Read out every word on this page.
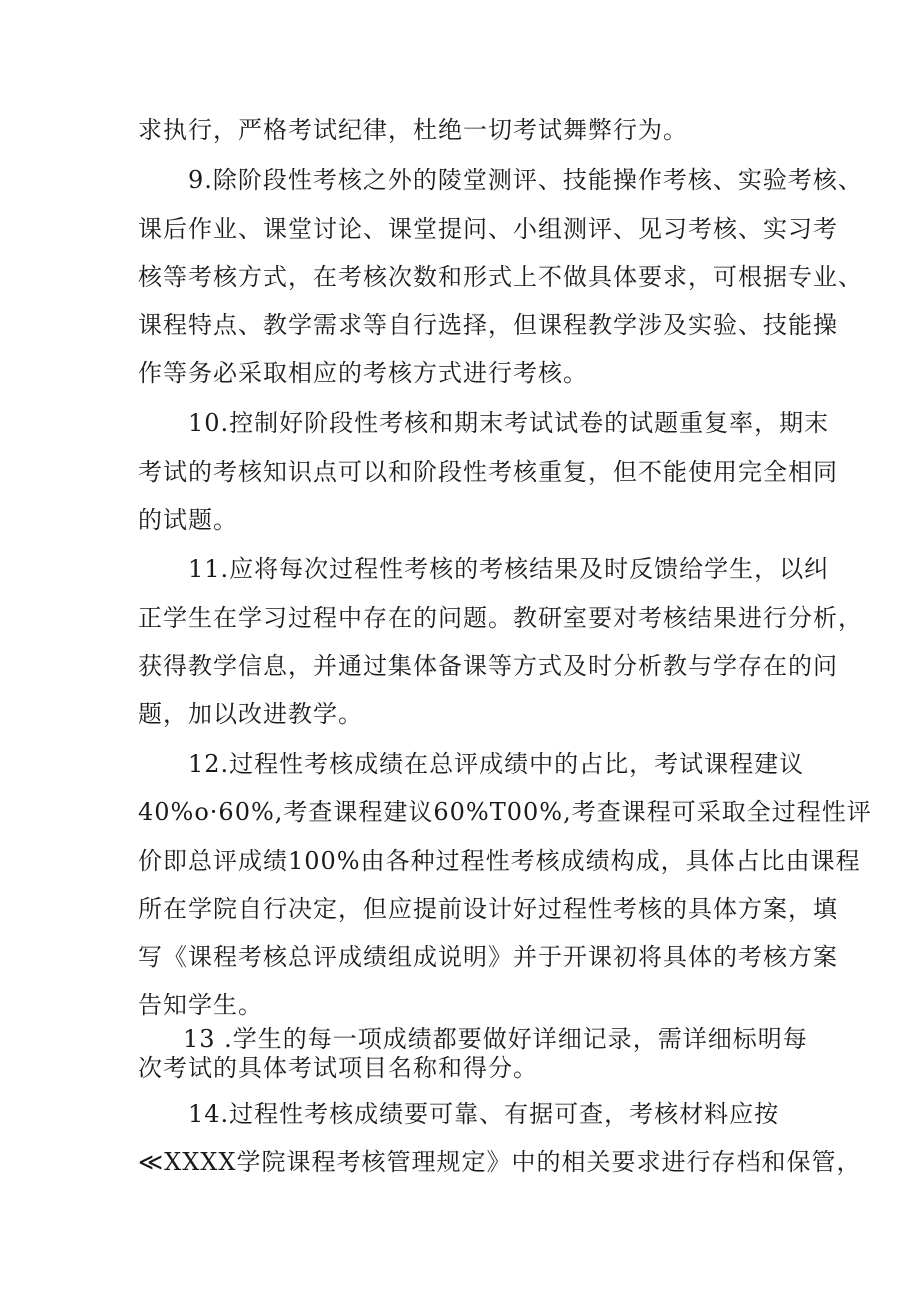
求执行，严格考试纪律，杜绝一切考试舞弊行为。
9.除阶段性考核之外的陵堂测评、技能操作考核、实验考核、
课后作业、课堂讨论、课堂提问、小组测评、见习考核、实习考
核等考核方式，在考核次数和形式上不做具体要求，可根据专业、
课程特点、教学需求等自行选择，但课程教学涉及实验、技能操
作等务必采取相应的考核方式进行考核。
10.控制好阶段性考核和期末考试试卷的试题重复率，期末
考试的考核知识点可以和阶段性考核重复，但不能使用完全相同
的试题。
11.应将每次过程性考核的考核结果及时反馈给学生，以纠
正学生在学习过程中存在的问题。教研室要对考核结果进行分析，
获得教学信息，并通过集体备课等方式及时分析教与学存在的问
题，加以改进教学。
12.过程性考核成绩在总评成绩中的占比，考试课程建议
40%o·60%,考查课程建议60%T00%,考查课程可采取全过程性评
价即总评成绩100%由各种过程性考核成绩构成，具体占比由课程
所在学院自行决定，但应提前设计好过程性考核的具体方案，填
写《课程考核总评成绩组成说明》并于开课初将具体的考核方案
告知学生。
13 .学生的每一项成绩都要做好详细记录，需详细标明每
次考试的具体考试项目名称和得分。
14.过程性考核成绩要可靠、有据可查，考核材料应按
≪XXXX学院课程考核管理规定》中的相关要求进行存档和保管，
